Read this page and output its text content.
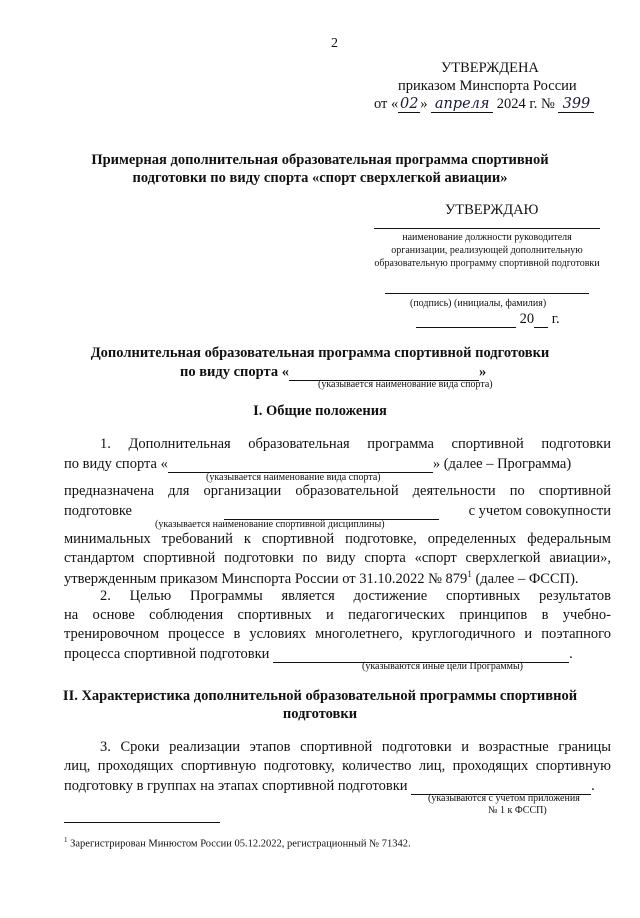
2
УТВЕРЖДЕНА
приказом Минспорта России
от « 02 » апреля 2024 г. № 399
Примерная дополнительная образовательная программа спортивной
подготовки по виду спорта «спорт сверхлегкой авиации»
УТВЕРЖДАЮ
наименование должности руководителя
организации, реализующей дополнительную
образовательную программу спортивной подготовки
(подпись) (инициалы, фамилия)
20 г.
Дополнительная образовательная программа спортивной подготовки
по виду спорта «	»
(указывается наименование вида спорта)
I. Общие положения
1. Дополнительная образовательная программа спортивной подготовки
по виду спорта «	» (далее – Программа)
(указывается наименование вида спорта)
предназначена для организации образовательной деятельности по спортивной
подготовке
	с учетом совокупности
(указывается наименование спортивной дисциплины)
минимальных требований к спортивной подготовке, определенных федеральным
стандартом спортивной подготовки по виду спорта «спорт сверхлегкой авиации»,
утвержденным приказом Минспорта России от 31.10.2022 № $879^1$ (далее – ФССП).
2. Целью Программы является достижение спортивных результатов
на основе соблюдения спортивных и педагогических принципов в учебно-
тренировочном процессе в условиях многолетнего, круглогодичного и поэтапного
процесса спортивной подготовки	.
(указываются иные цели Программы)
II. Характеристика дополнительной образовательной программы спортивной
подготовки
3. Сроки реализации этапов спортивной подготовки и возрастные границы
лиц, проходящих спортивную подготовку, количество лиц, проходящих спортивную
подготовку в группах на этапах спортивной подготовки	.
(указываются с учетом приложения
№ 1 к ФССП)
$^1$ Зарегистрирован Минюстом России 05.12.2022, регистрационный № 71342.
